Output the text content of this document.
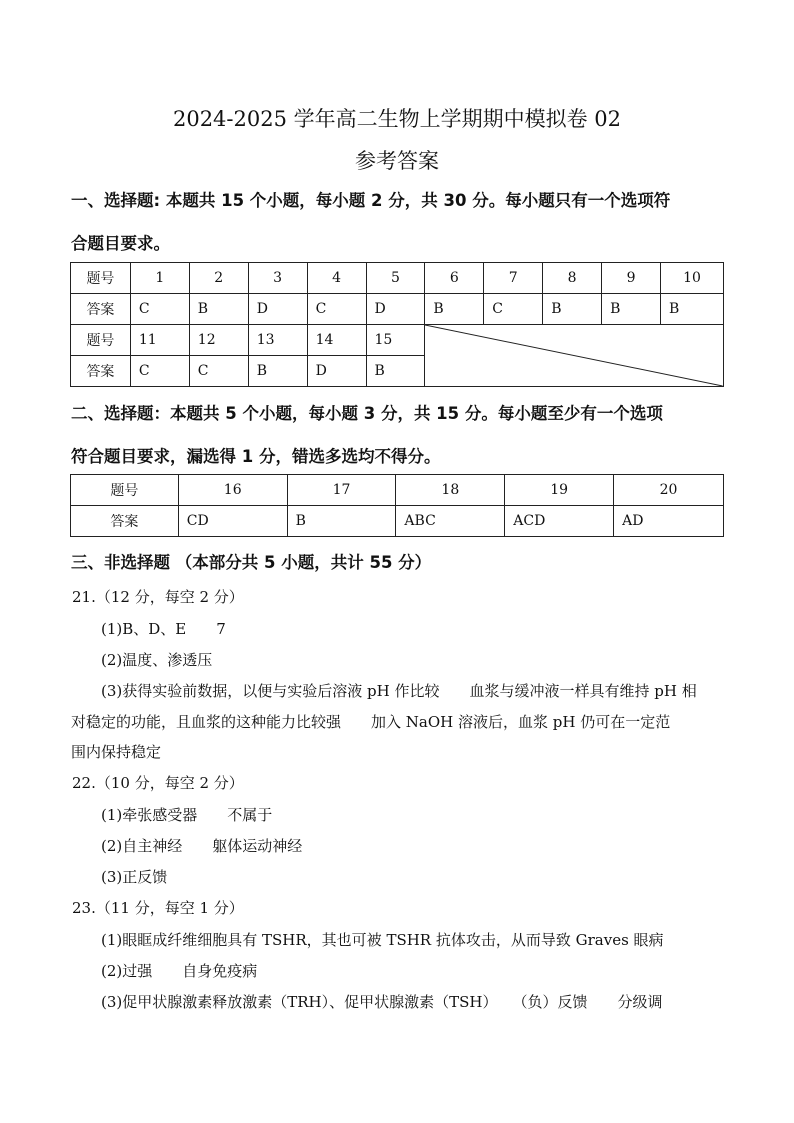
2024-2025 学年高二生物上学期期中模拟卷 02
参考答案
一、选择题: 本题共 15 个小题，每小题 2 分，共 30 分。每小题只有一个选项符
合题目要求。
题号	1	2	3	4	5	6	7	8	9	10
答案	C	B	D	C	D	B	C	B	B	B
题号	11	12	13	14	15	

答案	C	C	B	D	B					
二、选择题：本题共 5 个小题，每小题 3 分，共 15 分。每小题至少有一个选项
符合题目要求，漏选得 1 分，错选多选均不得分。
题号	16	17	18	19	20
答案	CD	B	ABC	ACD	AD
三、非选择题 （本部分共 5 小题，共计 55 分）
21.（12 分，每空 2 分）
(1)B、D、E　　7
(2)温度、渗透压
(3)获得实验前数据，以便与实验后溶液 pH 作比较　　血浆与缓冲液一样具有维持 pH 相
对稳定的功能，且血浆的这种能力比较强　　加入 NaOH 溶液后，血浆 pH 仍可在一定范
围内保持稳定
22.（10 分，每空 2 分）
(1)牵张感受器　　不属于
(2)自主神经　　躯体运动神经
(3)正反馈
23.（11 分，每空 1 分）
(1)眼眶成纤维细胞具有 TSHR，其也可被 TSHR 抗体攻击，从而导致 Graves 眼病
(2)过强　　自身免疫病
(3)促甲状腺激素释放激素（TRH）、促甲状腺激素（TSH）　　（负）反馈　　分级调
